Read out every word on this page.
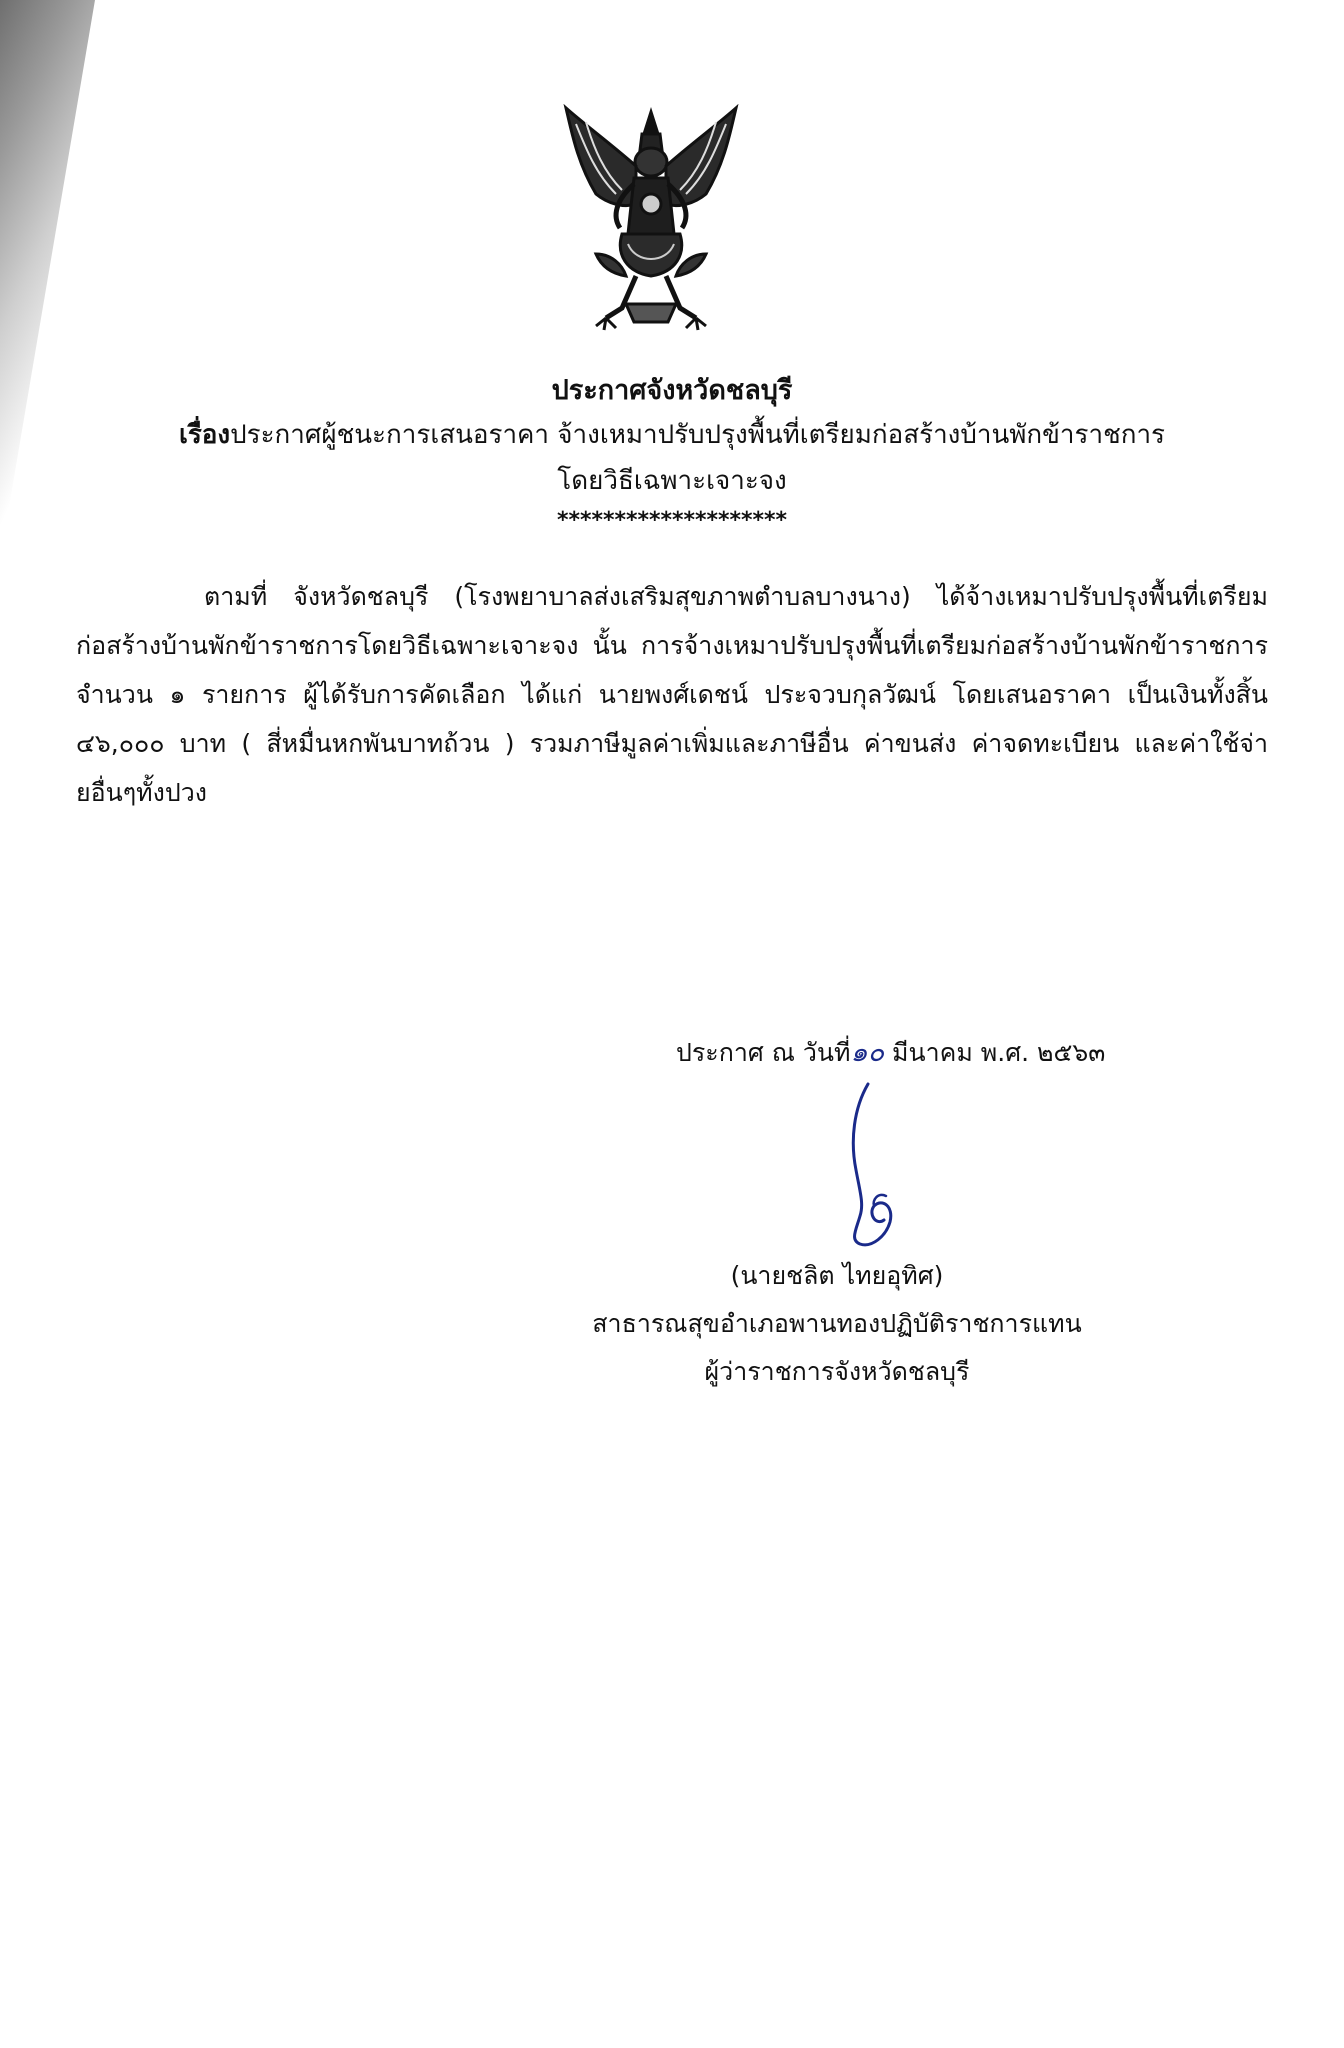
ประกาศจังหวัดชลบุรี

เรื่องประกาศผู้ชนะการเสนอราคา จ้างเหมาปรับปรุงพื้นที่เตรียมก่อสร้างบ้านพักข้าราชการ

โดยวิธีเฉพาะเจาะจง

********************

ตามที่ จังหวัดชลบุรี (โรงพยาบาลส่งเสริมสุขภาพตำบลบางนาง) ได้จ้างเหมาปรับปรุงพื้นที่เตรียมก่อสร้างบ้านพักข้าราชการโดยวิธีเฉพาะเจาะจง นั้น การจ้างเหมาปรับปรุงพื้นที่เตรียมก่อสร้างบ้านพักข้าราชการ จำนวน ๑ รายการ ผู้ได้รับการคัดเลือก ได้แก่ นายพงศ์เดชน์ ประจวบกุลวัฒน์ โดยเสนอราคา เป็นเงินทั้งสิ้น ๔๖,๐๐๐ บาท ( สี่หมื่นหกพันบาทถ้วน ) รวมภาษีมูลค่าเพิ่มและภาษีอื่น ค่าขนส่ง ค่าจดทะเบียน และค่าใช้จ่ายอื่นๆทั้งปวง

ประกาศ ณ วันที่๑๐ มีนาคม พ.ศ. ๒๕๖๓

(นายชลิต ไทยอุทิศ)

สาธารณสุขอำเภอพานทองปฏิบัติราชการแทน

ผู้ว่าราชการจังหวัดชลบุรี
